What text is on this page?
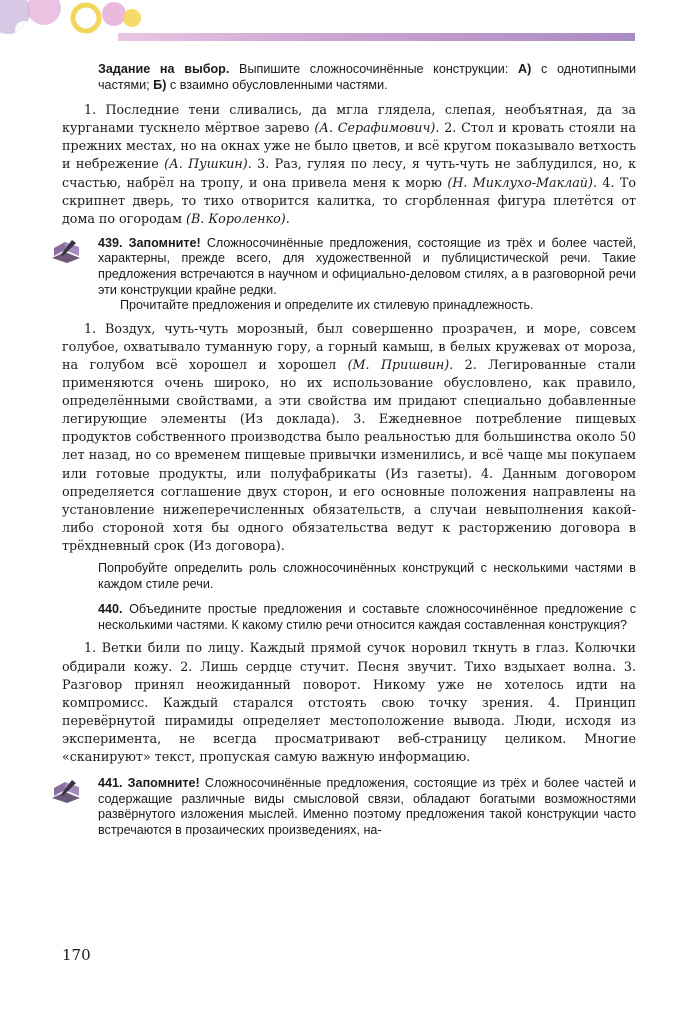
Задание на выбор. Выпишите сложносочинённые конструкции: А) с однотипными частями; Б) с взаимно обусловленными частями.

1. Последние тени сливались, да мгла глядела, слепая, необъятная, да за курганами тускнело мёртвое зарево (А. Серафимович). 2. Стол и кровать стояли на прежних местах, но на окнах уже не было цветов, и всё кругом показывало ветхость и небрежение (А. Пушкин). 3. Раз, гуляя по лесу, я чуть-чуть не заблудился, но, к счастью, набрёл на тропу, и она привела меня к морю (Н. Миклухо-Маклай). 4. То скрипнет дверь, то тихо отворится калитка, то сгорбленная фигура плетётся от дома по огородам (В. Короленко).

439. Запомните! Сложносочинённые предложения, состоящие из трёх и более частей, характерны, прежде всего, для художественной и публицистической речи. Такие предложения встречаются в научном и официально-деловом стилях, а в разговорной речи эти конструкции крайне редки.
Прочитайте предложения и определите их стилевую принадлежность.

1. Воздух, чуть-чуть морозный, был совершенно прозрачен, и море, совсем голубое, охватывало туманную гору, а горный камыш, в белых кружевах от мороза, на голубом всё хорошел и хорошел (М. Пришвин). 2. Легированные стали применяются очень широко, но их использование обусловлено, как правило, определёнными свойствами, а эти свойства им придают специально добавленные легирующие элементы (Из доклада). 3. Ежедневное потребление пищевых продуктов собственного производства было реальностью для большинства около 50 лет назад, но со временем пищевые привычки изменились, и всё чаще мы покупаем или готовые продукты, или полуфабрикаты (Из газеты). 4. Данным договором определяется соглашение двух сторон, и его основные положения направлены на установление нижеперечисленных обязательств, а случаи невыполнения какой-либо стороной хотя бы одного обязательства ведут к расторжению договора в трёхдневный срок (Из договора).

Попробуйте определить роль сложносочинённых конструкций с несколькими частями в каждом стиле речи.
440. Объедините простые предложения и составьте сложносочинённое предложение с несколькими частями. К какому стилю речи относится каждая составленная конструкция?

1. Ветки били по лицу. Каждый прямой сучок норовил ткнуть в глаз. Колючки обдирали кожу. 2. Лишь сердце стучит. Песня звучит. Тихо вздыхает волна. 3. Разговор принял неожиданный поворот. Никому уже не хотелось идти на компромисс. Каждый старался отстоять свою точку зрения. 4. Принцип перевёрнутой пирамиды определяет местоположение вывода. Люди, исходя из эксперимента, не всегда просматривают веб-страницу целиком. Многие «сканируют» текст, пропуская самую важную информацию.

441. Запомните! Сложносочинённые предложения, состоящие из трёх и более частей и содержащие различные виды смысловой связи, обладают богатыми возможностями развёрнутого изложения мыслей. Именно поэтому предложения такой конструкции часто встречаются в прозаических произведениях, на-
170
